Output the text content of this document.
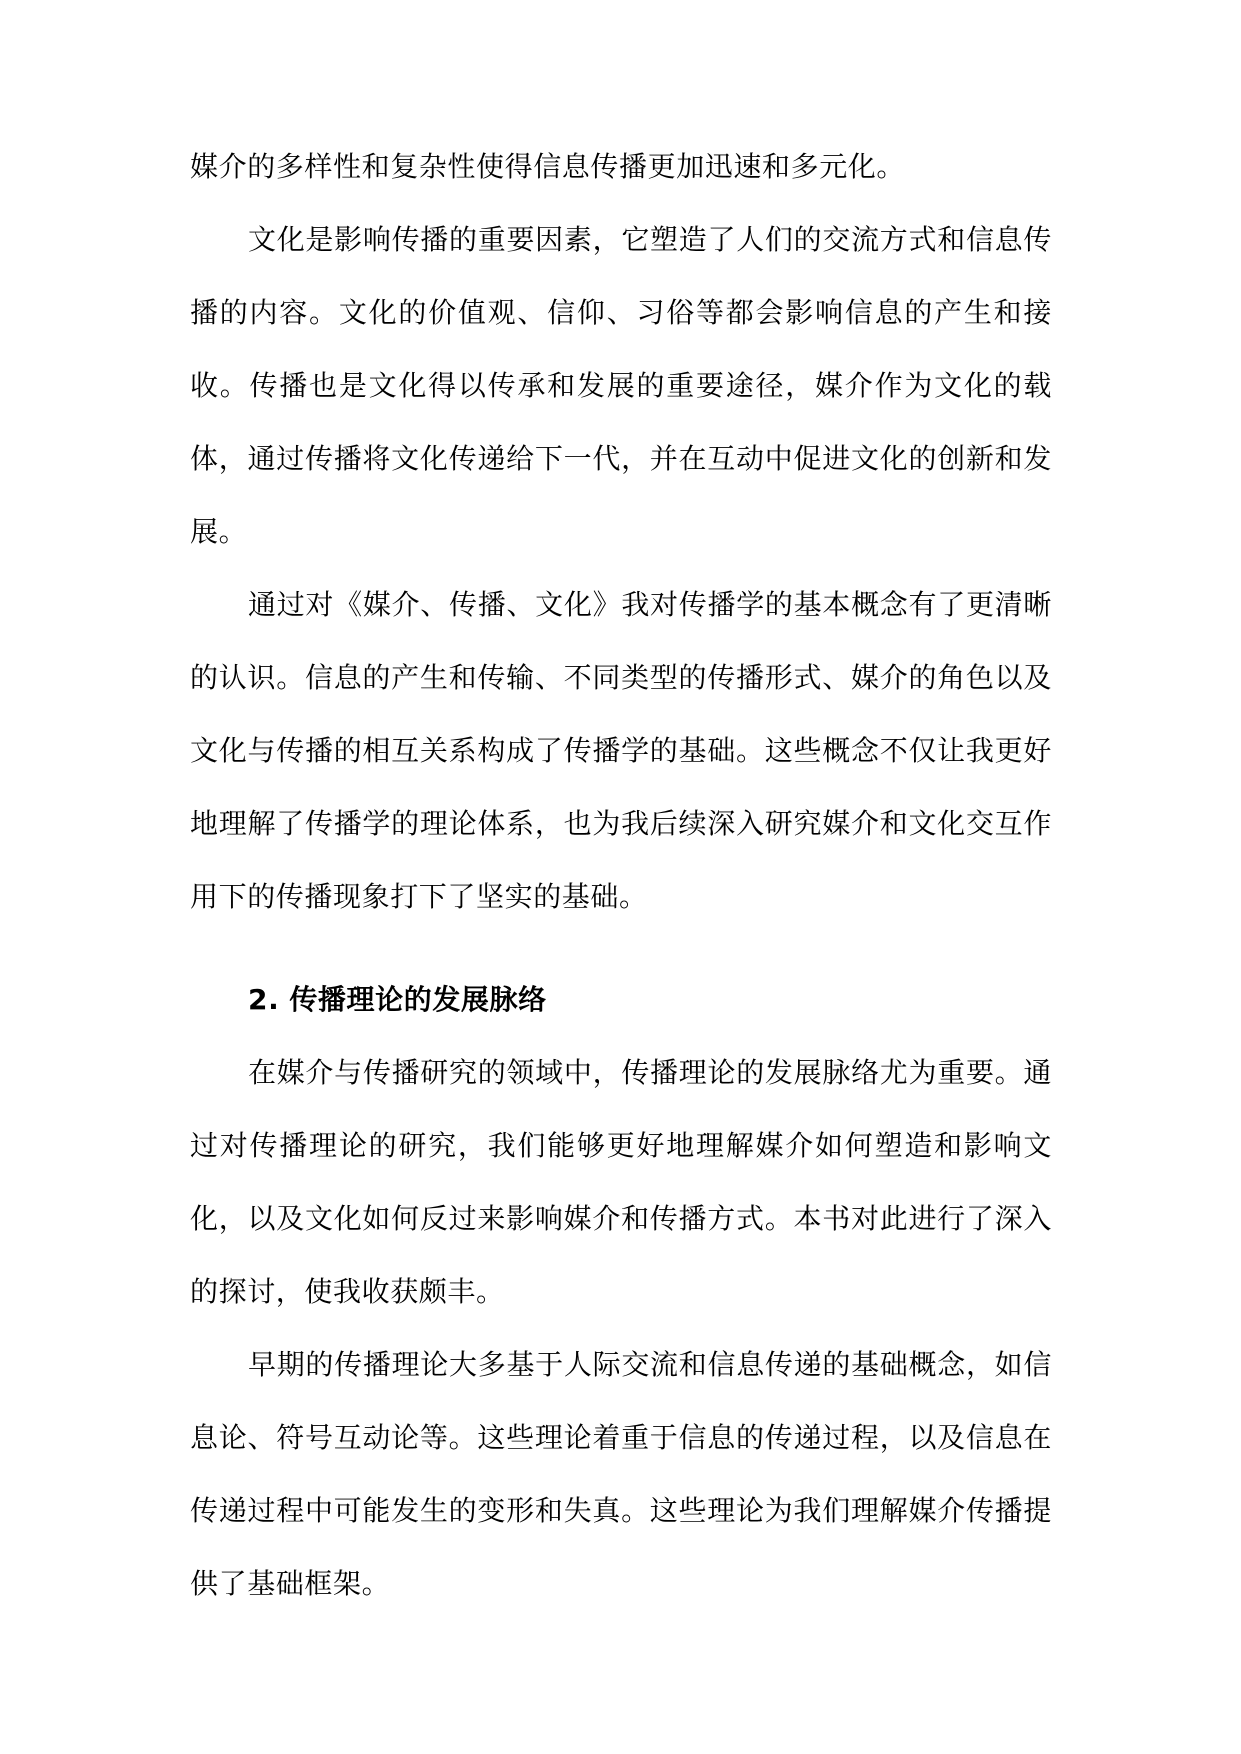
媒介的多样性和复杂性使得信息传播更加迅速和多元化。

文化是影响传播的重要因素，它塑造了人们的交流方式和信息传播的内容。文化的价值观、信仰、习俗等都会影响信息的产生和接收。传播也是文化得以传承和发展的重要途径，媒介作为文化的载体，通过传播将文化传递给下一代，并在互动中促进文化的创新和发展。

通过对《媒介、传播、文化》我对传播学的基本概念有了更清晰的认识。信息的产生和传输、不同类型的传播形式、媒介的角色以及文化与传播的相互关系构成了传播学的基础。这些概念不仅让我更好地理解了传播学的理论体系，也为我后续深入研究媒介和文化交互作用下的传播现象打下了坚实的基础。

2. 传播理论的发展脉络

在媒介与传播研究的领域中，传播理论的发展脉络尤为重要。通过对传播理论的研究，我们能够更好地理解媒介如何塑造和影响文化，以及文化如何反过来影响媒介和传播方式。本书对此进行了深入的探讨，使我收获颇丰。

早期的传播理论大多基于人际交流和信息传递的基础概念，如信息论、符号互动论等。这些理论着重于信息的传递过程，以及信息在传递过程中可能发生的变形和失真。这些理论为我们理解媒介传播提供了基础框架。
